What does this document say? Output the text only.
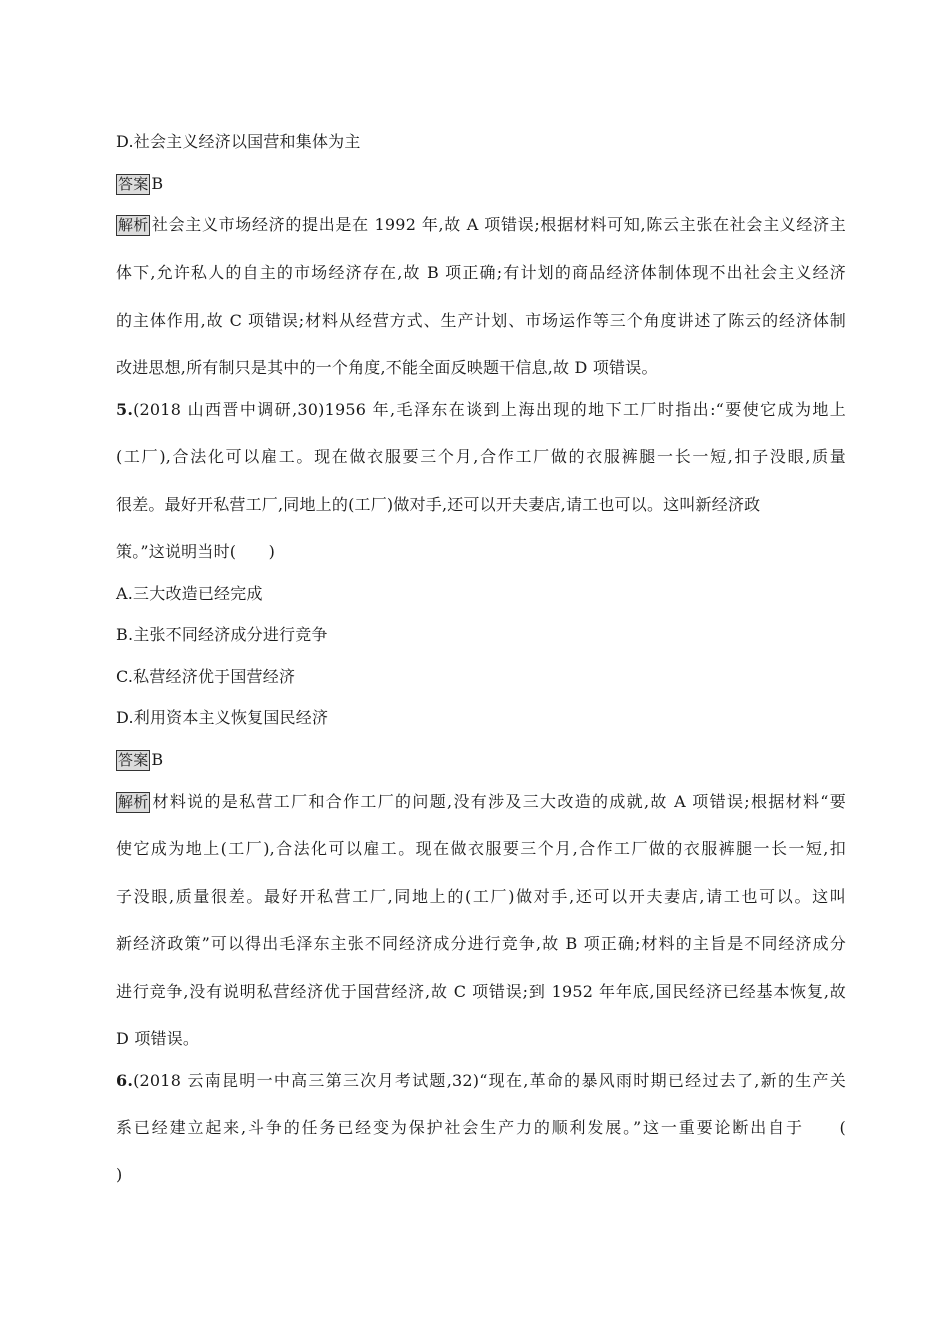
D.社会主义经济以国营和集体为主
答案 B
解析 社会主义市场经济的提出是在 1992 年,故 A 项错误;根据材料可知,陈云主张在社会主义经济主
体下,允许私人的自主的市场经济存在,故 B 项正确;有计划的商品经济体制体现不出社会主义经济
的主体作用,故 C 项错误;材料从经营方式、生产计划、市场运作等三个角度讲述了陈云的经济体制
改进思想,所有制只是其中的一个角度,不能全面反映题干信息,故 D 项错误。
5.(2018 山西晋中调研,30)1956 年,毛泽东在谈到上海出现的地下工厂时指出:“要使它成为地上
(工厂),合法化可以雇工。现在做衣服要三个月,合作工厂做的衣服裤腿一长一短,扣子没眼,质量
很差。最好开私营工厂,同地上的(工厂)做对手,还可以开夫妻店,请工也可以。这叫新经济政
策。”这说明当时(　　)
A.三大改造已经完成
B.主张不同经济成分进行竞争
C.私营经济优于国营经济
D.利用资本主义恢复国民经济
答案 B
解析 材料说的是私营工厂和合作工厂的问题,没有涉及三大改造的成就,故 A 项错误;根据材料“要
使它成为地上(工厂),合法化可以雇工。现在做衣服要三个月,合作工厂做的衣服裤腿一长一短,扣
子没眼,质量很差。最好开私营工厂,同地上的(工厂)做对手,还可以开夫妻店,请工也可以。这叫
新经济政策”可以得出毛泽东主张不同经济成分进行竞争,故 B 项正确;材料的主旨是不同经济成分
进行竞争,没有说明私营经济优于国营经济,故 C 项错误;到 1952 年年底,国民经济已经基本恢复,故
D 项错误。
6.(2018 云南昆明一中高三第三次月考试题,32)“现在,革命的暴风雨时期已经过去了,新的生产关
系已经建立起来,斗争的任务已经变为保护社会生产力的顺利发展。”这一重要论断出自于　　(
)
